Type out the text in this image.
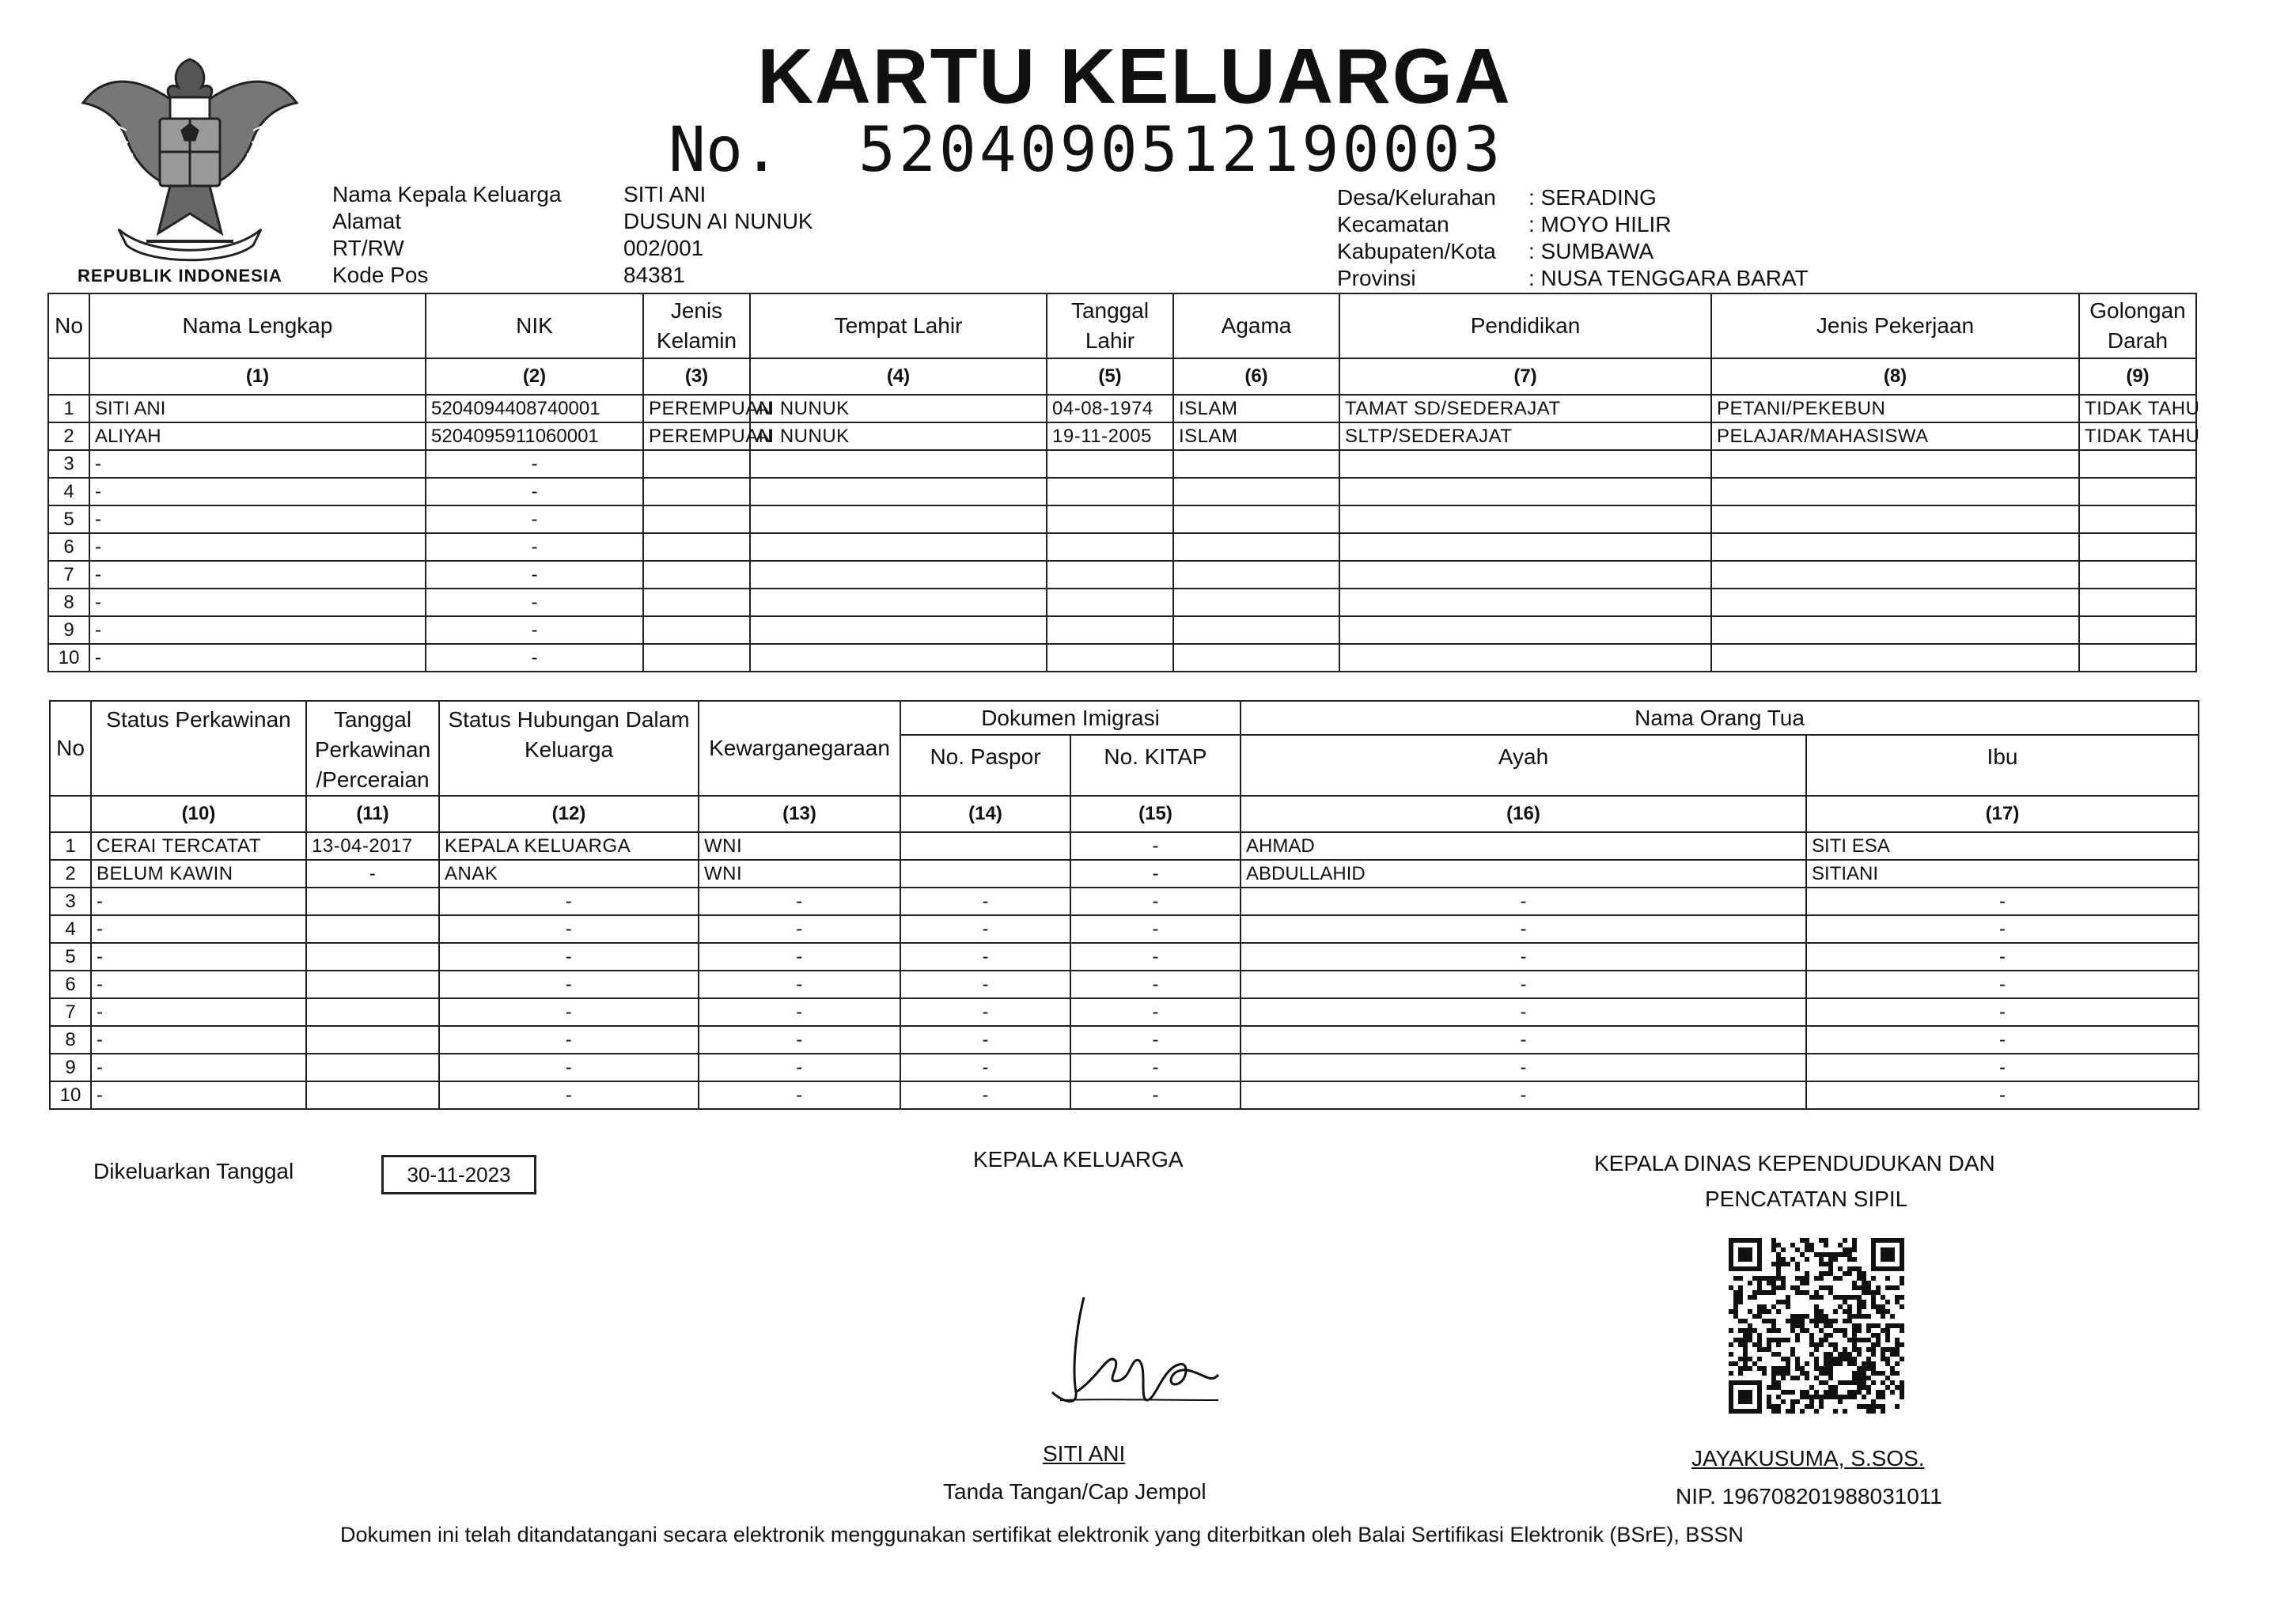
REPUBLIK INDONESIA
KARTU KELUARGA
No. 5204090512190003
Nama Kepala Keluarga	SITI ANI
Alamat	DUSUN AI NUNUK
RT/RW	002/001
Kode Pos	84381
Desa/Kelurahan : SERADING
Kecamatan	: MOYO HILIR
Kabupaten/Kota : SUMBAWA
Provinsi	: NUSA TENGGARA BARAT
No	Nama Lengkap	NIK	Jenis Kelamin	Tempat Lahir	Tanggal Lahir	Agama	Pendidikan	Jenis Pekerjaan	Golongan Darah
	(1)	(2)	(3)	(4)	(5)	(6)	(7)	(8)	(9)
1	SITI ANI	5204094408740001	PEREMPUAN	AI NUNUK	04-08-1974	ISLAM	TAMAT SD/SEDERAJAT	PETANI/PEKEBUN	TIDAK TAHU
2	ALIYAH	5204095911060001	PEREMPUAN	AI NUNUK	19-11-2005	ISLAM	SLTP/SEDERAJAT	PELAJAR/MAHASISWA	TIDAK TAHU
3	-	-							
4	-	-							
5	-	-							
6	-	-							
7	-	-							
8	-	-							
9	-	-							
10	-	-							
No	Status Perkawinan	Tanggal Perkawinan /Perceraian	Status Hubungan Dalam Keluarga	Kewarganegaraan	Dokumen Imigrasi		Nama Orang Tua	
					No. Paspor	No. KITAP	Ayah	Ibu
	(10)	(11)	(12)	(13)	(14)	(15)	(16)	(17)
1	CERAI TERCATAT	13-04-2017	KEPALA KELUARGA	WNI		-	AHMAD	SITI ESA
2	BELUM KAWIN	-	ANAK	WNI		-	ABDULLAHID	SITIANI
3	-		-	-	-	-	-	-
4	-		-	-	-	-	-	-
5	-		-	-	-	-	-	-
6	-		-	-	-	-	-	-
7	-		-	-	-	-	-	-
8	-		-	-	-	-	-	-
9	-		-	-	-	-	-	-
10	-		-	-	-	-	-	-
Dikeluarkan Tanggal	30-11-2023
KEPALA KELUARGA
SITI ANI
Tanda Tangan/Cap Jempol
KEPALA DINAS KEPENDUDUKAN DAN
PENCATATAN SIPIL
JAYAKUSUMA, S.SOS.
NIP. 196708201988031011
Dokumen ini telah ditandatangani secara elektronik menggunakan sertifikat elektronik yang diterbitkan oleh Balai Sertifikasi Elektronik (BSrE), BSSN
